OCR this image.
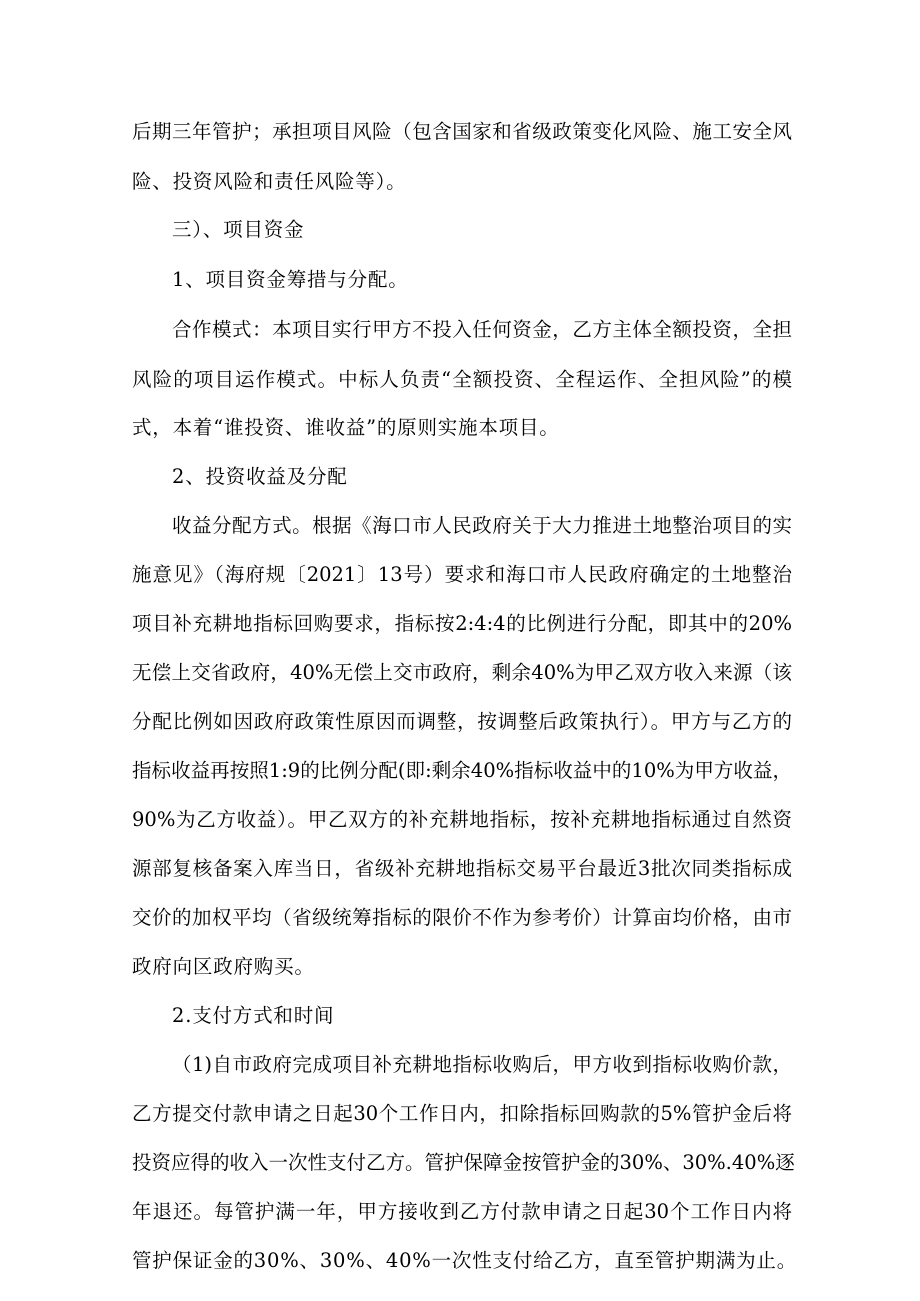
后期三年管护；承担项目风险（包含国家和省级政策变化风险、施工安全风

险、投资风险和责任风险等）。

三）、项目资金

1、项目资金筹措与分配。

合作模式：本项目实行甲方不投入任何资金，乙方主体全额投资，全担

风险的项目运作模式。中标人负责“全额投资、全程运作、全担风险”的模

式，本着“谁投资、谁收益”的原则实施本项目。

2、投资收益及分配

收益分配方式。根据《海口市人民政府关于大力推进土地整治项目的实

施意见》（海府规〔2021〕13号）要求和海口市人民政府确定的土地整治

项目补充耕地指标回购要求，指标按2:4:4的比例进行分配，即其中的20%

无偿上交省政府，40%无偿上交市政府，剩余40%为甲乙双方收入来源（该

分配比例如因政府政策性原因而调整，按调整后政策执行）。甲方与乙方的

指标收益再按照1:9的比例分配(即:剩余40%指标收益中的10%为甲方收益，

90%为乙方收益）。甲乙双方的补充耕地指标，按补充耕地指标通过自然资

源部复核备案入库当日，省级补充耕地指标交易平台最近3批次同类指标成

交价的加权平均（省级统筹指标的限价不作为参考价）计算亩均价格，由市

政府向区政府购买。

2.支付方式和时间

（1)自市政府完成项目补充耕地指标收购后，甲方收到指标收购价款，

乙方提交付款申请之日起30个工作日内，扣除指标回购款的5%管护金后将

投资应得的收入一次性支付乙方。管护保障金按管护金的30%、30%.40%逐

年退还。每管护满一年，甲方接收到乙方付款申请之日起30个工作日内将

管护保证金的30%、30%、40%一次性支付给乙方，直至管护期满为止。
